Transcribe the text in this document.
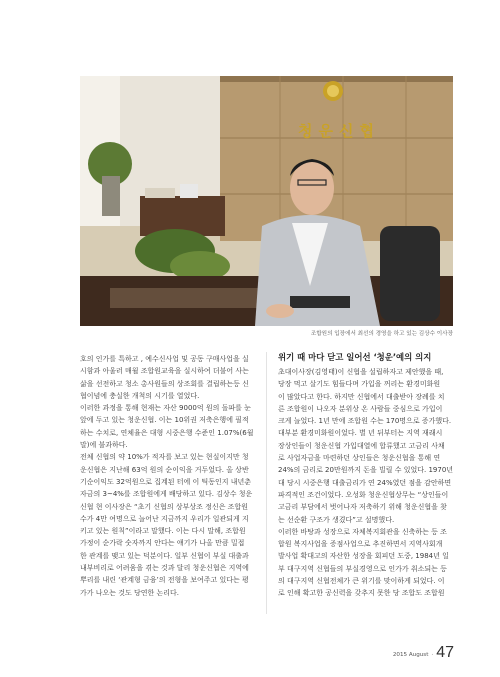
청운신협
조합원의 입장에서 최선의 경영을 하고 있는 김상수 이사장

호의 인가를 특하고 , 예수신사업 및 공동 구매사업을 실

시함과 아울러 매월 조합원교육을 실시하여 더불어 사는

삶을 선전하고 청소 총사원들의 상조회를 결립하는등 신

협이념에 충실한 개척의 시기를 열었다.

이러한 과정을 통해 현재는 자산 9000억 원의 돌파를 눈

앞에 두고 있는 청운신협. 이는 10위권 저축은행에 필적

하는 수치로, 연체율은 대형 시중은행 수준인 1.07%(6월

말)에 불과하다.

전체 신협의 약 10%가 적자를 보고 있는 현실이지만 청

운신협은 지난해 63억 원의 순이익을 거두었다. 올 상반

기순이익도 32억원으로 집계된 터에 이 틱동인지 내년춘

자금의 3~4%를 조합원에게 배당하고 있다. 김상수 청운

신협 현 이사장은 “초기 신협의 상부상조 정신은 조합원

수가 4만 여명으로 늘어난 지금까지 우리가 일관되게 지

키고 있는 원칙”이라고 말했다. 이는 다시 말해, 조합원

가정이 순가락 숫자까지 안다는 얘기가 나올 만큼 밀접

한 관계를 맺고 있는 덕분이다. 일부 신협이 부실 대출과

내부비리로 어려움을 겪는 것과 달리 청운신협은 지역에

뿌리를 내린 ‘관계형 금융’의 전형을 보여주고 있다는 평

가가 나오는 것도 당연한 논리다.

위기 때 마다 닫고 일어선 ‘청운’예의 의지

초대이사장(김영태)이 신협을 설립하자고 제안했을 때,

당장 먹고 살기도 힘들다며 가입을 꺼리는 환경미화원

이 많았다고 한다. 하지만 신협에서 대출받아 장례를 치

른 조합원이 나오자 분위상 온 사람들 중심으로 가입이

크게 늘었다. 1년 만에 조합원 수는 170명으로 증가했다.

대부분 환경미화원이었다. 별 년 뒤부터는 지역 재래시

장상인들이 청운신협 가입대열에 합류했고 고금리 사채

로 사업자금을 마련하던 상인들은 청운신협을 통해 연

24%의 금리로 20만원까지 돈을 빌릴 수 있었다. 1970년

대 당시 시중은행 대출금리가 연 24%였던 점을 감안하면

파격적인 조건이었다. 오성화 청운신협상무는 “상인들이

고금리 부담에서 벗어나자 저축하기 위해 청운신협을 찾

는 선순환 구조가 생겼다”고 설명했다.

이러한 바탕과 성장으로 자체복지회관을 신축하는 등 조

합원 복지사업을 증점사업으로 추진하면서 지역사회개

발사업 확대고의 자산한 성장을 회피던 도중, 1984년 일

부 대구지역 신협들의 부실경영으로 인가가 취소되는 등

의 대구지역 신협전체가 큰 위기를 맞이하게 되었다. 이

로 인해 확고한 공신력을 갖추지 못한 당 조합도 조합원

2015 August · 47
